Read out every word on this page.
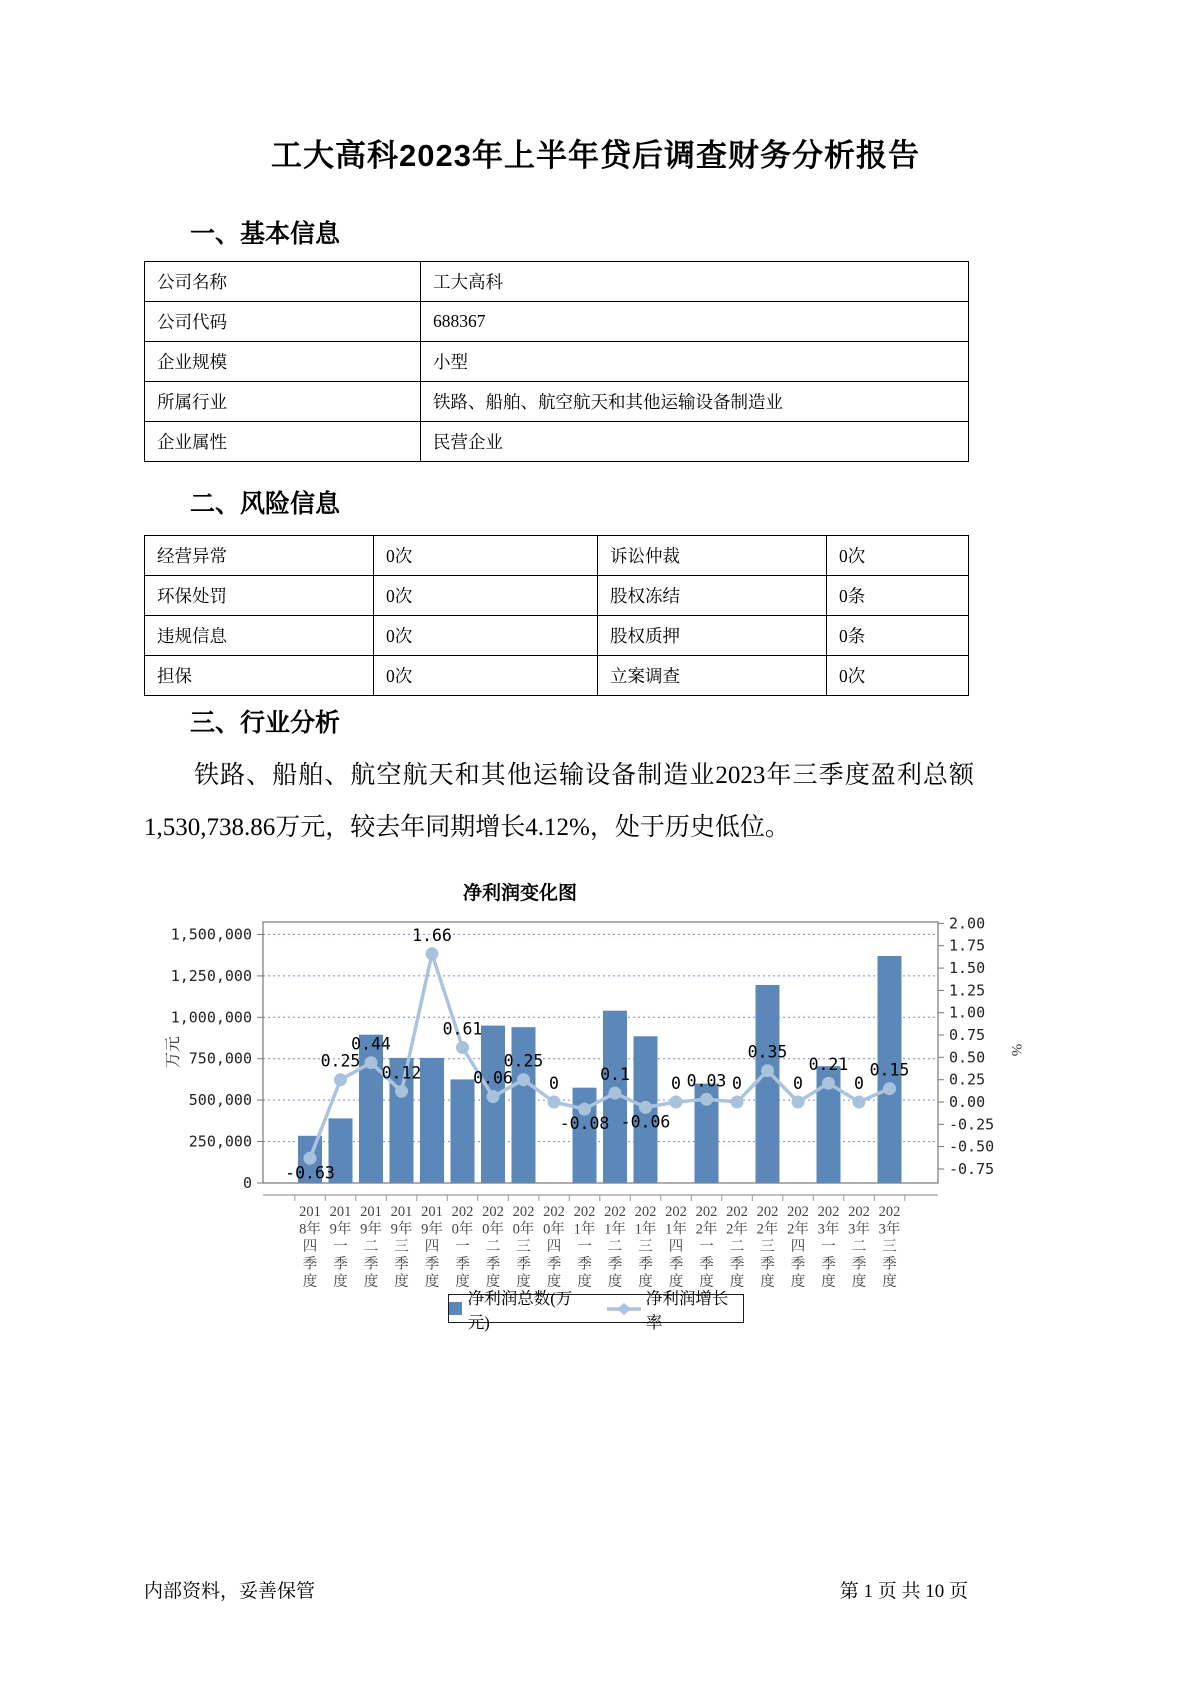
工大高科2023年上半年贷后调查财务分析报告
一、基本信息
公司名称	工大高科
公司代码	688367
企业规模	小型
所属行业	铁路、船舶、航空航天和其他运输设备制造业
企业属性	民营企业
二、风险信息
经营异常	0次	诉讼仲裁	0次
环保处罚	0次	股权冻结	0条
违规信息	0次	股权质押	0条
担保	0次	立案调查	0次
三、行业分析
铁路、船舶、航空航天和其他运输设备制造业2023年三季度盈利总额1,530,738.86万元，较去年同期增长4.12%，处于历史低位。
净利润变化图
0
250,000
500,000
750,000
1,000,000
1,250,000
1,500,000
2.00
1.75
1.50
1.25
1.00
0.75
0.50
0.25
0.00
-0.25
-0.50
-0.75
万元	%
201
8年
四
季
度
201
9年
一
季
度
201
9年
二
季
度
201
9年
三
季
度
201
9年
四
季
度
202
0年
一
季
度
202
0年
二
季
度
202
0年
三
季
度
202
0年
四
季
度
202
1年
一
季
度
202
1年
二
季
度
202
1年
三
季
度
202
1年
四
季
度
202
2年
一
季
度
202
2年
二
季
度
202
2年
三
季
度
202
2年
四
季
度
202
3年
一
季
度
202
3年
二
季
度
202
3年
三
季
度
-0.63
0.25
0.44
0.12
1.66
0.61
0.06
0.25
0
-0.08
0.1
-0.06
0 0.03 0
0.35
0
0.21
0
0.15
净利润总数(万元)
净利润增长率
内部资料，妥善保管	第 1 页 共 10 页
